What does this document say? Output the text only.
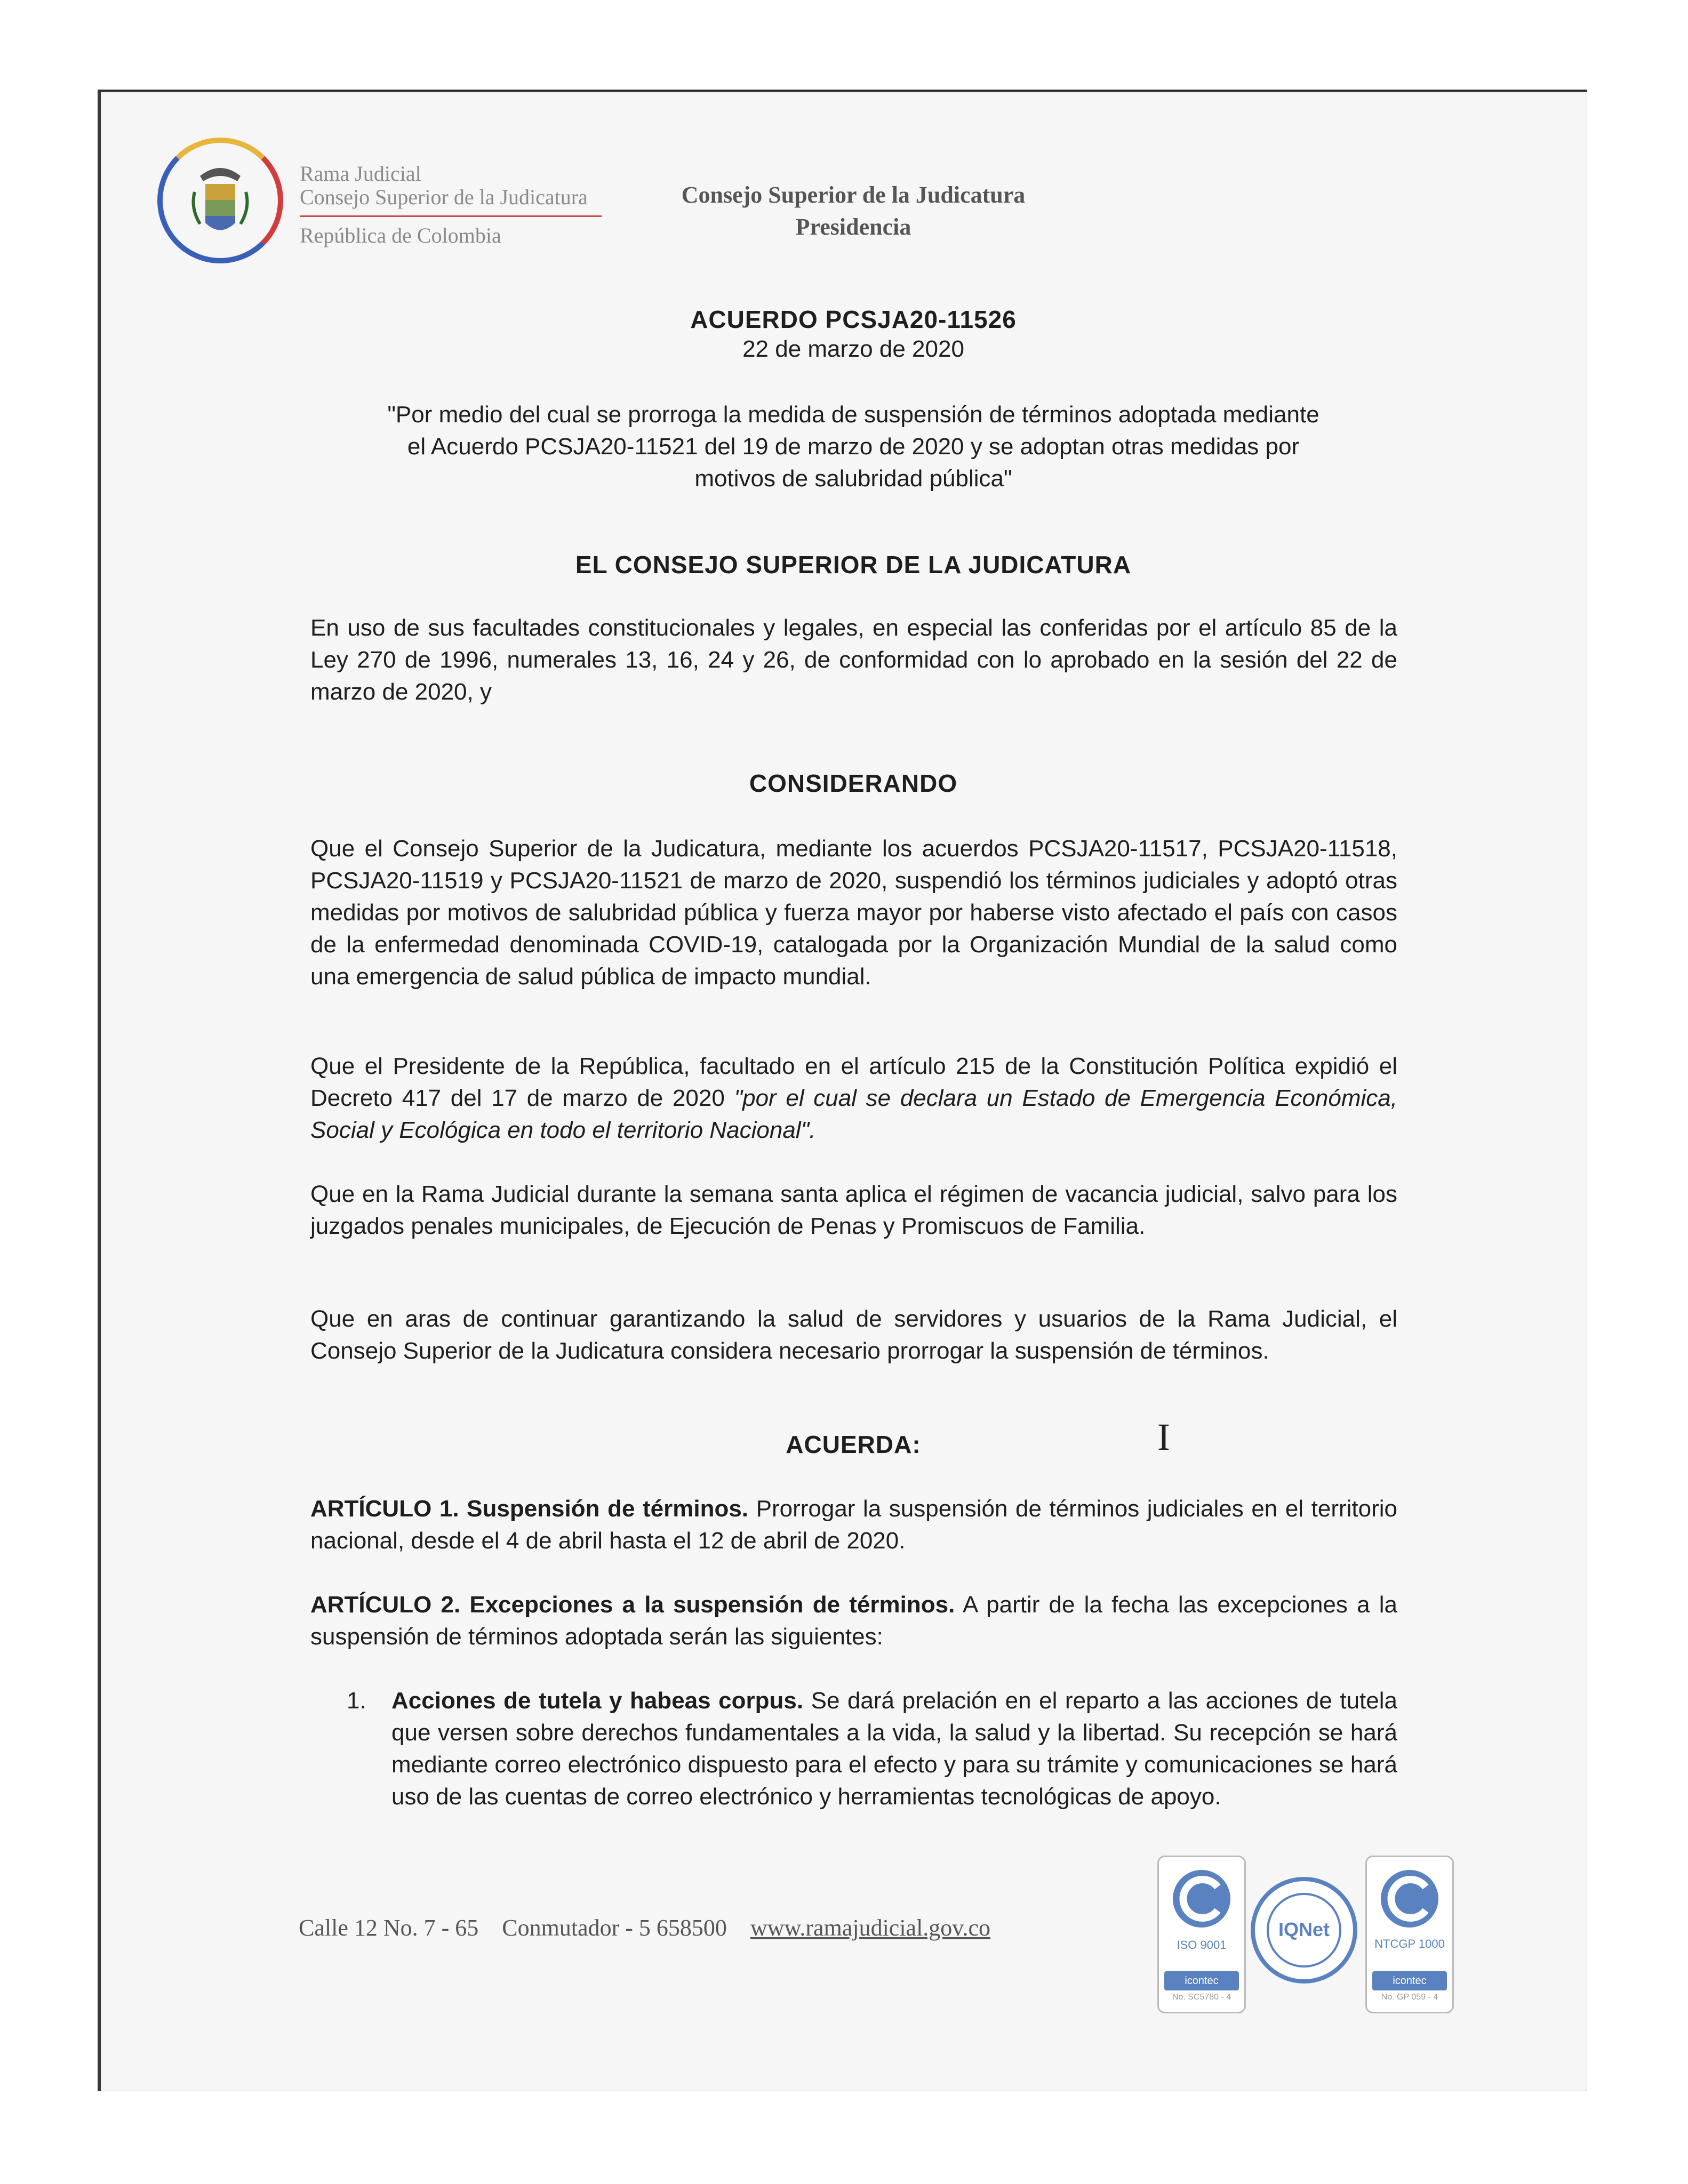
Rama Judicial
Consejo Superior de la Judicatura
República de Colombia
Consejo Superior de la Judicatura
Presidencia
ACUERDO PCSJA20-11526
22 de marzo de 2020
"Por medio del cual se prorroga la medida de suspensión de términos adoptada mediante
el Acuerdo PCSJA20-11521 del 19 de marzo de 2020 y se adoptan otras medidas por
motivos de salubridad pública"
EL CONSEJO SUPERIOR DE LA JUDICATURA
En uso de sus facultades constitucionales y legales, en especial las conferidas por el artículo 85 de la Ley 270 de 1996, numerales 13, 16, 24 y 26, de conformidad con lo aprobado en la sesión del 22 de marzo de 2020, y
CONSIDERANDO
Que el Consejo Superior de la Judicatura, mediante los acuerdos PCSJA20-11517, PCSJA20-11518, PCSJA20-11519 y PCSJA20-11521 de marzo de 2020, suspendió los términos judiciales y adoptó otras medidas por motivos de salubridad pública y fuerza mayor por haberse visto afectado el país con casos de la enfermedad denominada COVID-19, catalogada por la Organización Mundial de la salud como una emergencia de salud pública de impacto mundial.
Que el Presidente de la República, facultado en el artículo 215 de la Constitución Política expidió el Decreto 417 del 17 de marzo de 2020 "por el cual se declara un Estado de Emergencia Económica, Social y Ecológica en todo el territorio Nacional".
Que en la Rama Judicial durante la semana santa aplica el régimen de vacancia judicial, salvo para los juzgados penales municipales, de Ejecución de Penas y Promiscuos de Familia.
Que en aras de continuar garantizando la salud de servidores y usuarios de la Rama Judicial, el Consejo Superior de la Judicatura considera necesario prorrogar la suspensión de términos.
ACUERDA:	I
ARTÍCULO 1. Suspensión de términos. Prorrogar la suspensión de términos judiciales en el territorio nacional, desde el 4 de abril hasta el 12 de abril de 2020.
ARTÍCULO 2. Excepciones a la suspensión de términos. A partir de la fecha las excepciones a la suspensión de términos adoptada serán las siguientes:
1. Acciones de tutela y habeas corpus. Se dará prelación en el reparto a las acciones de tutela que versen sobre derechos fundamentales a la vida, la salud y la libertad. Su recepción se hará mediante correo electrónico dispuesto para el efecto y para su trámite y comunicaciones se hará uso de las cuentas de correo electrónico y herramientas tecnológicas de apoyo.
Calle 12 No. 7 - 65 Conmutador - 5 658500 www.ramajudicial.gov.co
ISO 9001
icontec
No. SC5780 - 4
IQNet
NTCGP 1000
icontec
No. GP 059 - 4
